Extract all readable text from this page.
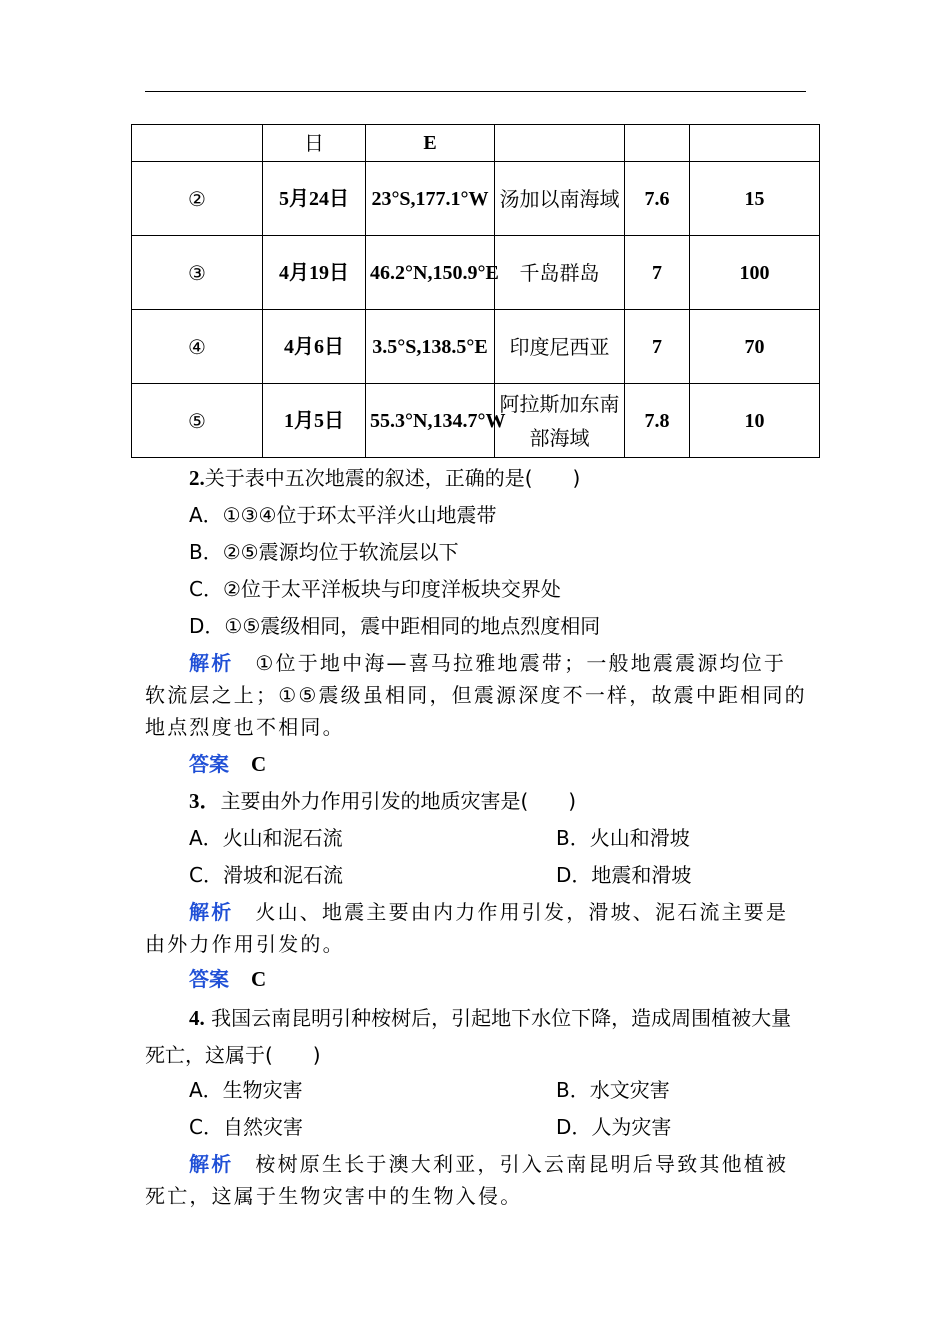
	日	E			
②	5月24日	23°S,177.1°W	汤加以南海域	7.6	15
③	4月19日	46.2°N,150.9°E	千岛群岛	7	100
④	4月6日	3.5°S,138.5°E	印度尼西亚	7	70
⑤	1月5日	55.3°N,134.7°W	阿拉斯加东南部海域	7.8	10
2.关于表中五次地震的叙述，正确的是(　　)
A．①③④位于环太平洋火山地震带
B．②⑤震源均位于软流层以下
C．②位于太平洋板块与印度洋板块交界处
D．①⑤震级相同，震中距相同的地点烈度相同
解析 ①位于地中海—喜马拉雅地震带；一般地震震源均位于软流层之上；①⑤震级虽相同，但震源深度不一样，故震中距相同的地点烈度也不相同。
答案 C
3．主要由外力作用引发的地质灾害是(　　)
A．火山和泥石流	B．火山和滑坡
C．滑坡和泥石流	D．地震和滑坡
解析 火山、地震主要由内力作用引发，滑坡、泥石流主要是由外力作用引发的。
答案 C
4. 我国云南昆明引种桉树后，引起地下水位下降，造成周围植被大量死亡，这属于(　　)
A．生物灾害	B．水文灾害
C．自然灾害	D．人为灾害
解析 桉树原生长于澳大利亚，引入云南昆明后导致其他植被死亡，这属于生物灾害中的生物入侵。
